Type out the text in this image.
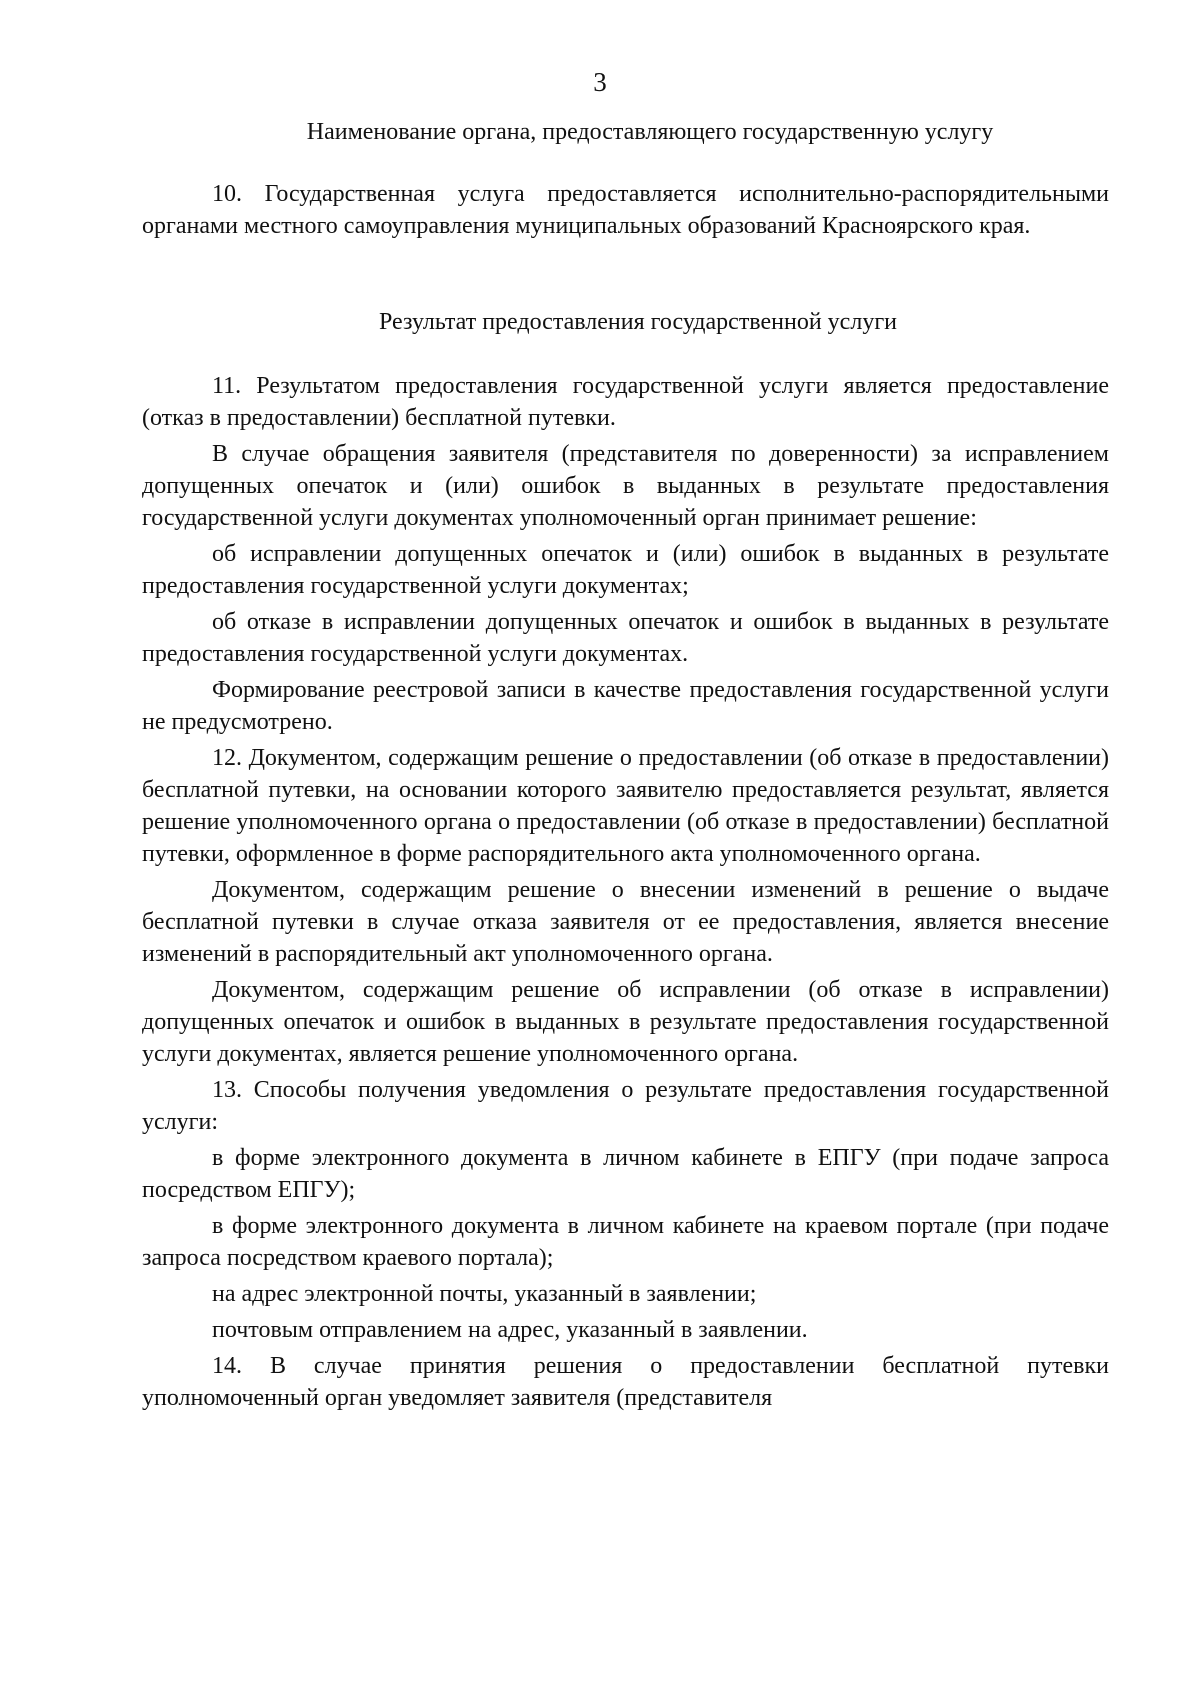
3
Наименование органа, предоставляющего государственную услугу

10. Государственная услуга предоставляется исполнительно-распорядительными органами местного самоуправления муниципальных образований Красноярского края.

Результат предоставления государственной услуги

11. Результатом предоставления государственной услуги является предоставление (отказ в предоставлении) бесплатной путевки.

В случае обращения заявителя (представителя по доверенности) за исправлением допущенных опечаток и (или) ошибок в выданных в результате предоставления государственной услуги документах уполномоченный орган принимает решение:

об исправлении допущенных опечаток и (или) ошибок в выданных в результате предоставления государственной услуги документах;

об отказе в исправлении допущенных опечаток и ошибок в выданных в результате предоставления государственной услуги документах.

Формирование реестровой записи в качестве предоставления государственной услуги не предусмотрено.

12. Документом, содержащим решение о предоставлении (об отказе в предоставлении) бесплатной путевки, на основании которого заявителю предоставляется результат, является решение уполномоченного органа о предоставлении (об отказе в предоставлении) бесплатной путевки, оформленное в форме распорядительного акта уполномоченного органа.

Документом, содержащим решение о внесении изменений в решение о выдаче бесплатной путевки в случае отказа заявителя от ее предоставления, является внесение изменений в распорядительный акт уполномоченного органа.

Документом, содержащим решение об исправлении (об отказе в исправлении) допущенных опечаток и ошибок в выданных в результате предоставления государственной услуги документах, является решение уполномоченного органа.

13. Способы получения уведомления о результате предоставления государственной услуги:

в форме электронного документа в личном кабинете в ЕПГУ (при подаче запроса посредством ЕПГУ);

в форме электронного документа в личном кабинете на краевом портале (при подаче запроса посредством краевого портала);

на адрес электронной почты, указанный в заявлении;

почтовым отправлением на адрес, указанный в заявлении.

14. В случае принятия решения о предоставлении бесплатной путевки уполномоченный орган уведомляет заявителя (представителя
